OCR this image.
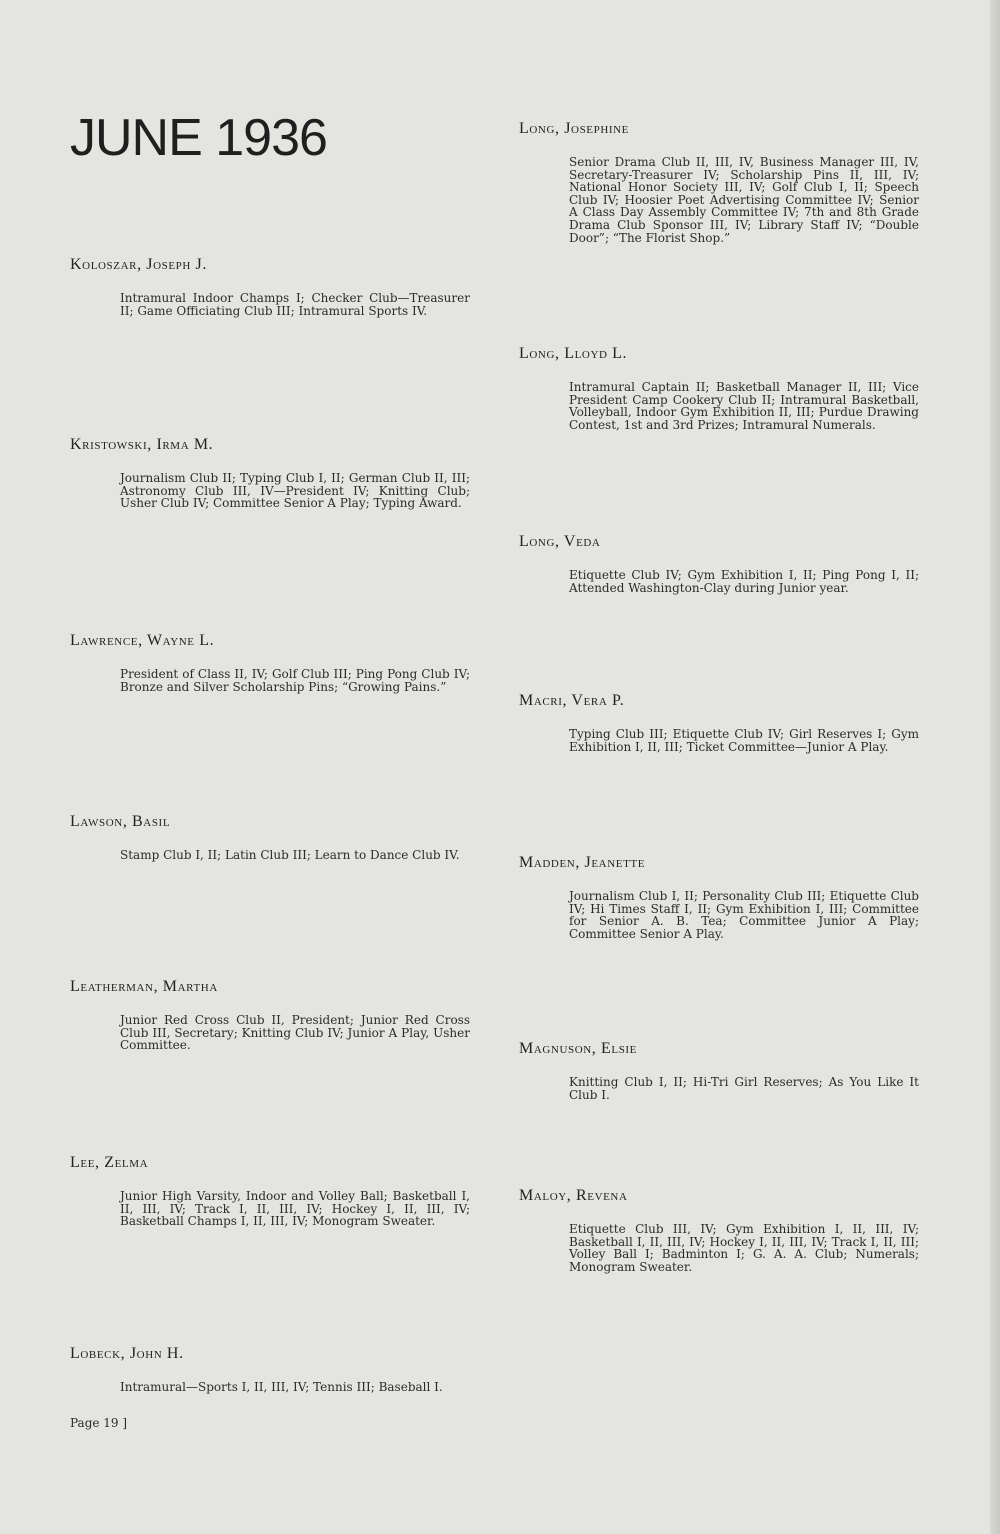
JUNE 1936

Koloszar, Joseph J.

Intramural Indoor Champs I; Checker Club—Treasurer II; Game Officiating Club III; Intramural Sports IV.

Kristowski, Irma M.

Journalism Club II; Typing Club I, II; German Club II, III; Astronomy Club III, IV—President IV; Knitting Club; Usher Club IV; Committee Senior A Play; Typing Award.

Lawrence, Wayne L.

President of Class II, IV; Golf Club III; Ping Pong Club IV; Bronze and Silver Scholarship Pins; “Growing Pains.”

Lawson, Basil

Stamp Club I, II; Latin Club III; Learn to Dance Club IV.

Leatherman, Martha

Junior Red Cross Club II, President; Junior Red Cross Club III, Secretary; Knitting Club IV; Junior A Play, Usher Committee.

Lee, Zelma

Junior High Varsity, Indoor and Volley Ball; Basketball I, II, III, IV; Track I, II, III, IV; Hockey I, II, III, IV; Basketball Champs I, II, III, IV; Monogram Sweater.

Lobeck, John H.

Intramural—Sports I, II, III, IV; Tennis III; Baseball I.

Long, Josephine

Senior Drama Club II, III, IV, Business Manager III, IV, Secretary-Treasurer IV; Scholarship Pins II, III, IV; National Honor Society III, IV; Golf Club I, II; Speech Club IV; Hoosier Poet Advertising Committee IV; Senior A Class Day Assembly Committee IV; 7th and 8th Grade Drama Club Sponsor III, IV; Library Staff IV; “Double Door”; “The Florist Shop.”

Long, Lloyd L.

Intramural Captain II; Basketball Manager II, III; Vice President Camp Cookery Club II; Intramural Basketball, Volleyball, Indoor Gym Exhibition II, III; Purdue Drawing Contest, 1st and 3rd Prizes; Intramural Numerals.

Long, Veda

Etiquette Club IV; Gym Exhibition I, II; Ping Pong I, II; Attended Washington-Clay during Junior year.

Macri, Vera P.

Typing Club III; Etiquette Club IV; Girl Reserves I; Gym Exhibition I, II, III; Ticket Committee—Junior A Play.

Madden, Jeanette

Journalism Club I, II; Personality Club III; Etiquette Club IV; Hi Times Staff I, II; Gym Exhibition I, III; Committee for Senior A. B. Tea; Committee Junior A Play; Committee Senior A Play.

Magnuson, Elsie

Knitting Club I, II; Hi-Tri Girl Reserves; As You Like It Club I.

Maloy, Revena

Etiquette Club III, IV; Gym Exhibition I, II, III, IV; Basketball I, II, III, IV; Hockey I, II, III, IV; Track I, II, III; Volley Ball I; Badminton I; G. A. A. Club; Numerals; Monogram Sweater.

Page 19 ]
